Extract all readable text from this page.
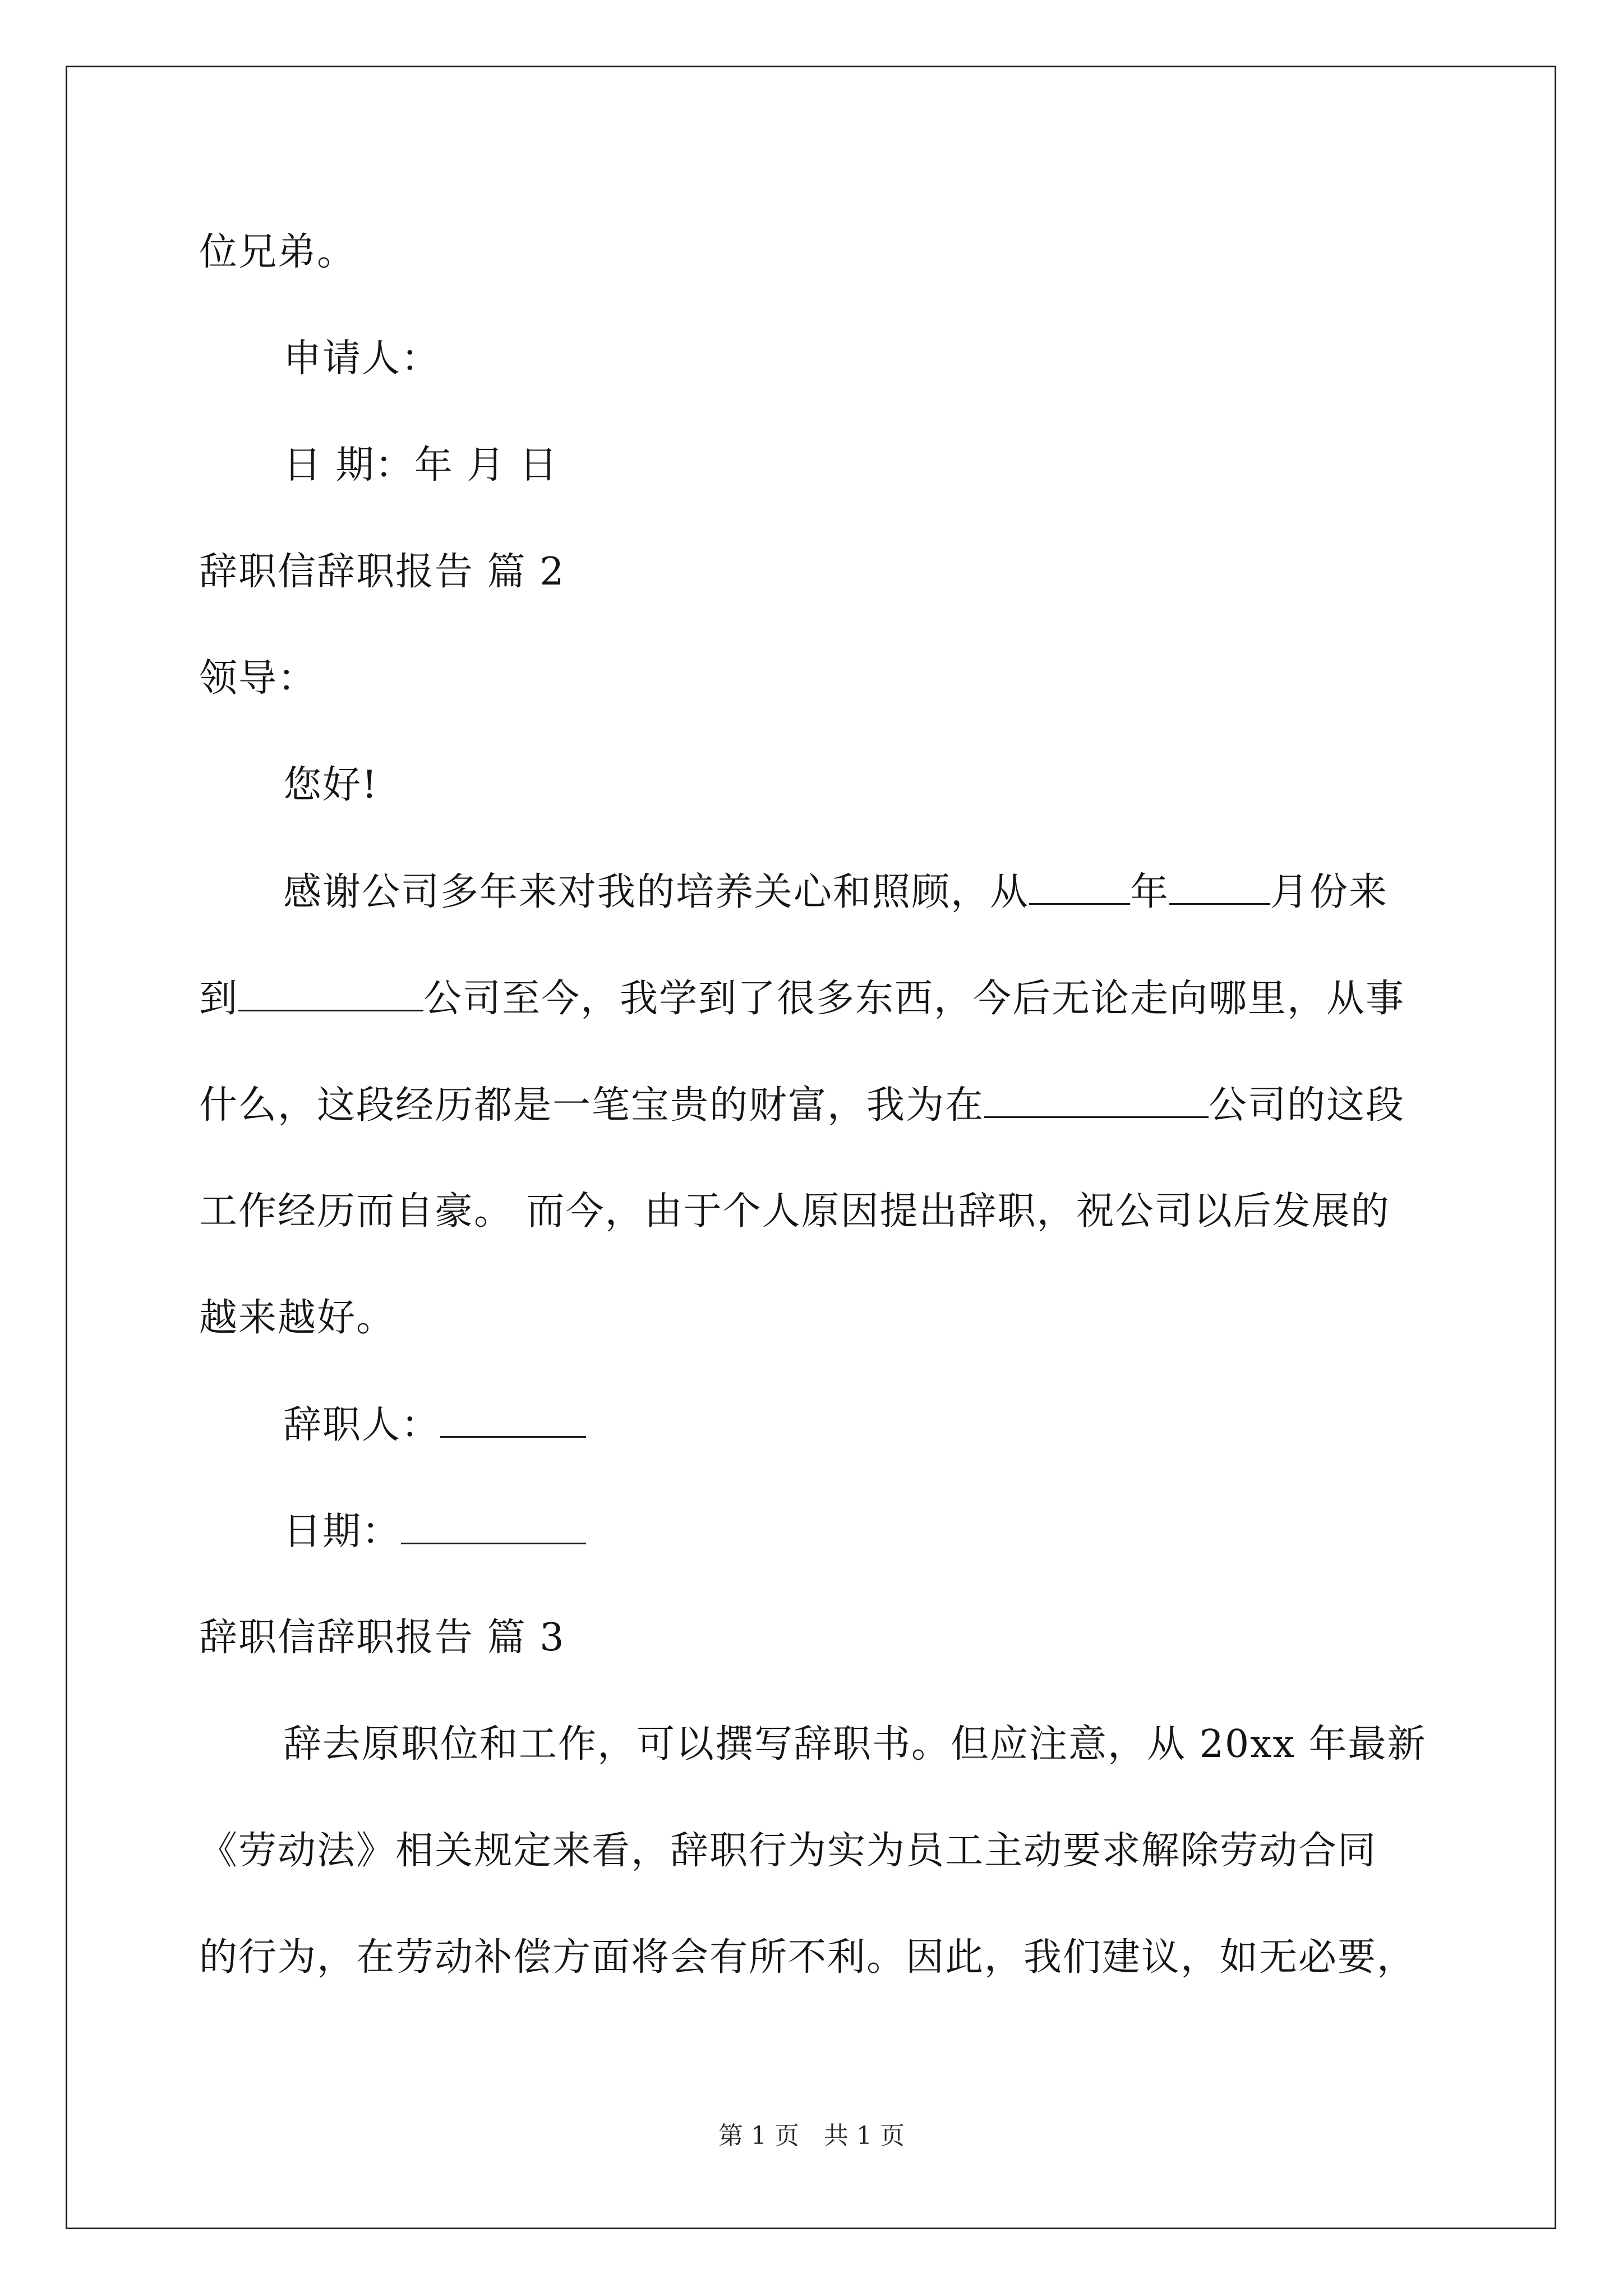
位兄弟。
申请人：
日 期：年 月 日
辞职信辞职报告 篇 2
领导：
您好!
感谢公司多年来对我的培养关心和照顾，从	年	月份来
到	公司至今，我学到了很多东西，今后无论走向哪里，从事
什么，这段经历都是一笔宝贵的财富，我为在	公司的这段
工作经历而自豪。 而今，由于个人原因提出辞职，祝公司以后发展的
越来越好。
辞职人：
日期：
辞职信辞职报告 篇 3
辞去原职位和工作，可以撰写辞职书。但应注意，从 20xx 年最新
《劳动法》相关规定来看，辞职行为实为员工主动要求解除劳动合同
的行为，在劳动补偿方面将会有所不利。因此，我们建议，如无必要，
第 1 页　共 1 页
